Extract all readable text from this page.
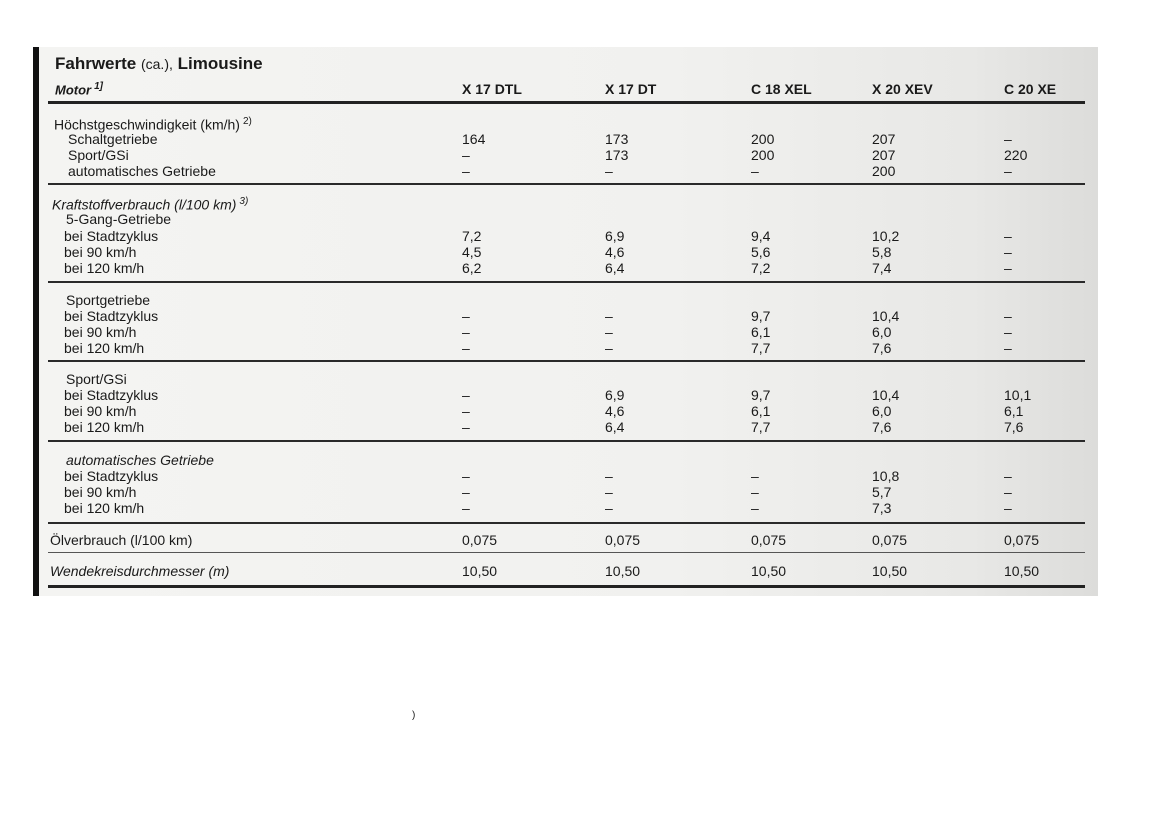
Fahrwerte (ca.), Limousine
Motor $^{1]}$	X 17 DTL	X 17 DT	C 18 XEL	X 20 XEV	C 20 XE
Höchstgeschwindigkeit (km/h) $^{2)}$
Schaltgetriebe	164	173	200	207	–
Sport/GSi	–	173	200	207	220
automatisches Getriebe	–	–	–	200	–
Kraftstoffverbrauch (l/100 km) $^{3)}$
5-Gang-Getriebe
bei Stadtzyklus	7,2	6,9	9,4	10,2	–
bei 90 km/h	4,5	4,6	5,6	5,8	–
bei 120 km/h	6,2	6,4	7,2	7,4	–
Sportgetriebe
bei Stadtzyklus	–	–	9,7	10,4	–
bei 90 km/h	–	–	6,1	6,0	–
bei 120 km/h	–	–	7,7	7,6	–
Sport/GSi
bei Stadtzyklus	–	6,9	9,7	10,4	10,1
bei 90 km/h	–	4,6	6,1	6,0	6,1
bei 120 km/h	–	6,4	7,7	7,6	7,6
automatisches Getriebe
bei Stadtzyklus	–	–	–	10,8	–
bei 90 km/h	–	–	–	5,7	–
bei 120 km/h	–	–	–	7,3	–
Ölverbrauch (l/100 km)	0,075	0,075	0,075	0,075	0,075
Wendekreisdurchmesser (m)	10,50	10,50	10,50	10,50	10,50
)
